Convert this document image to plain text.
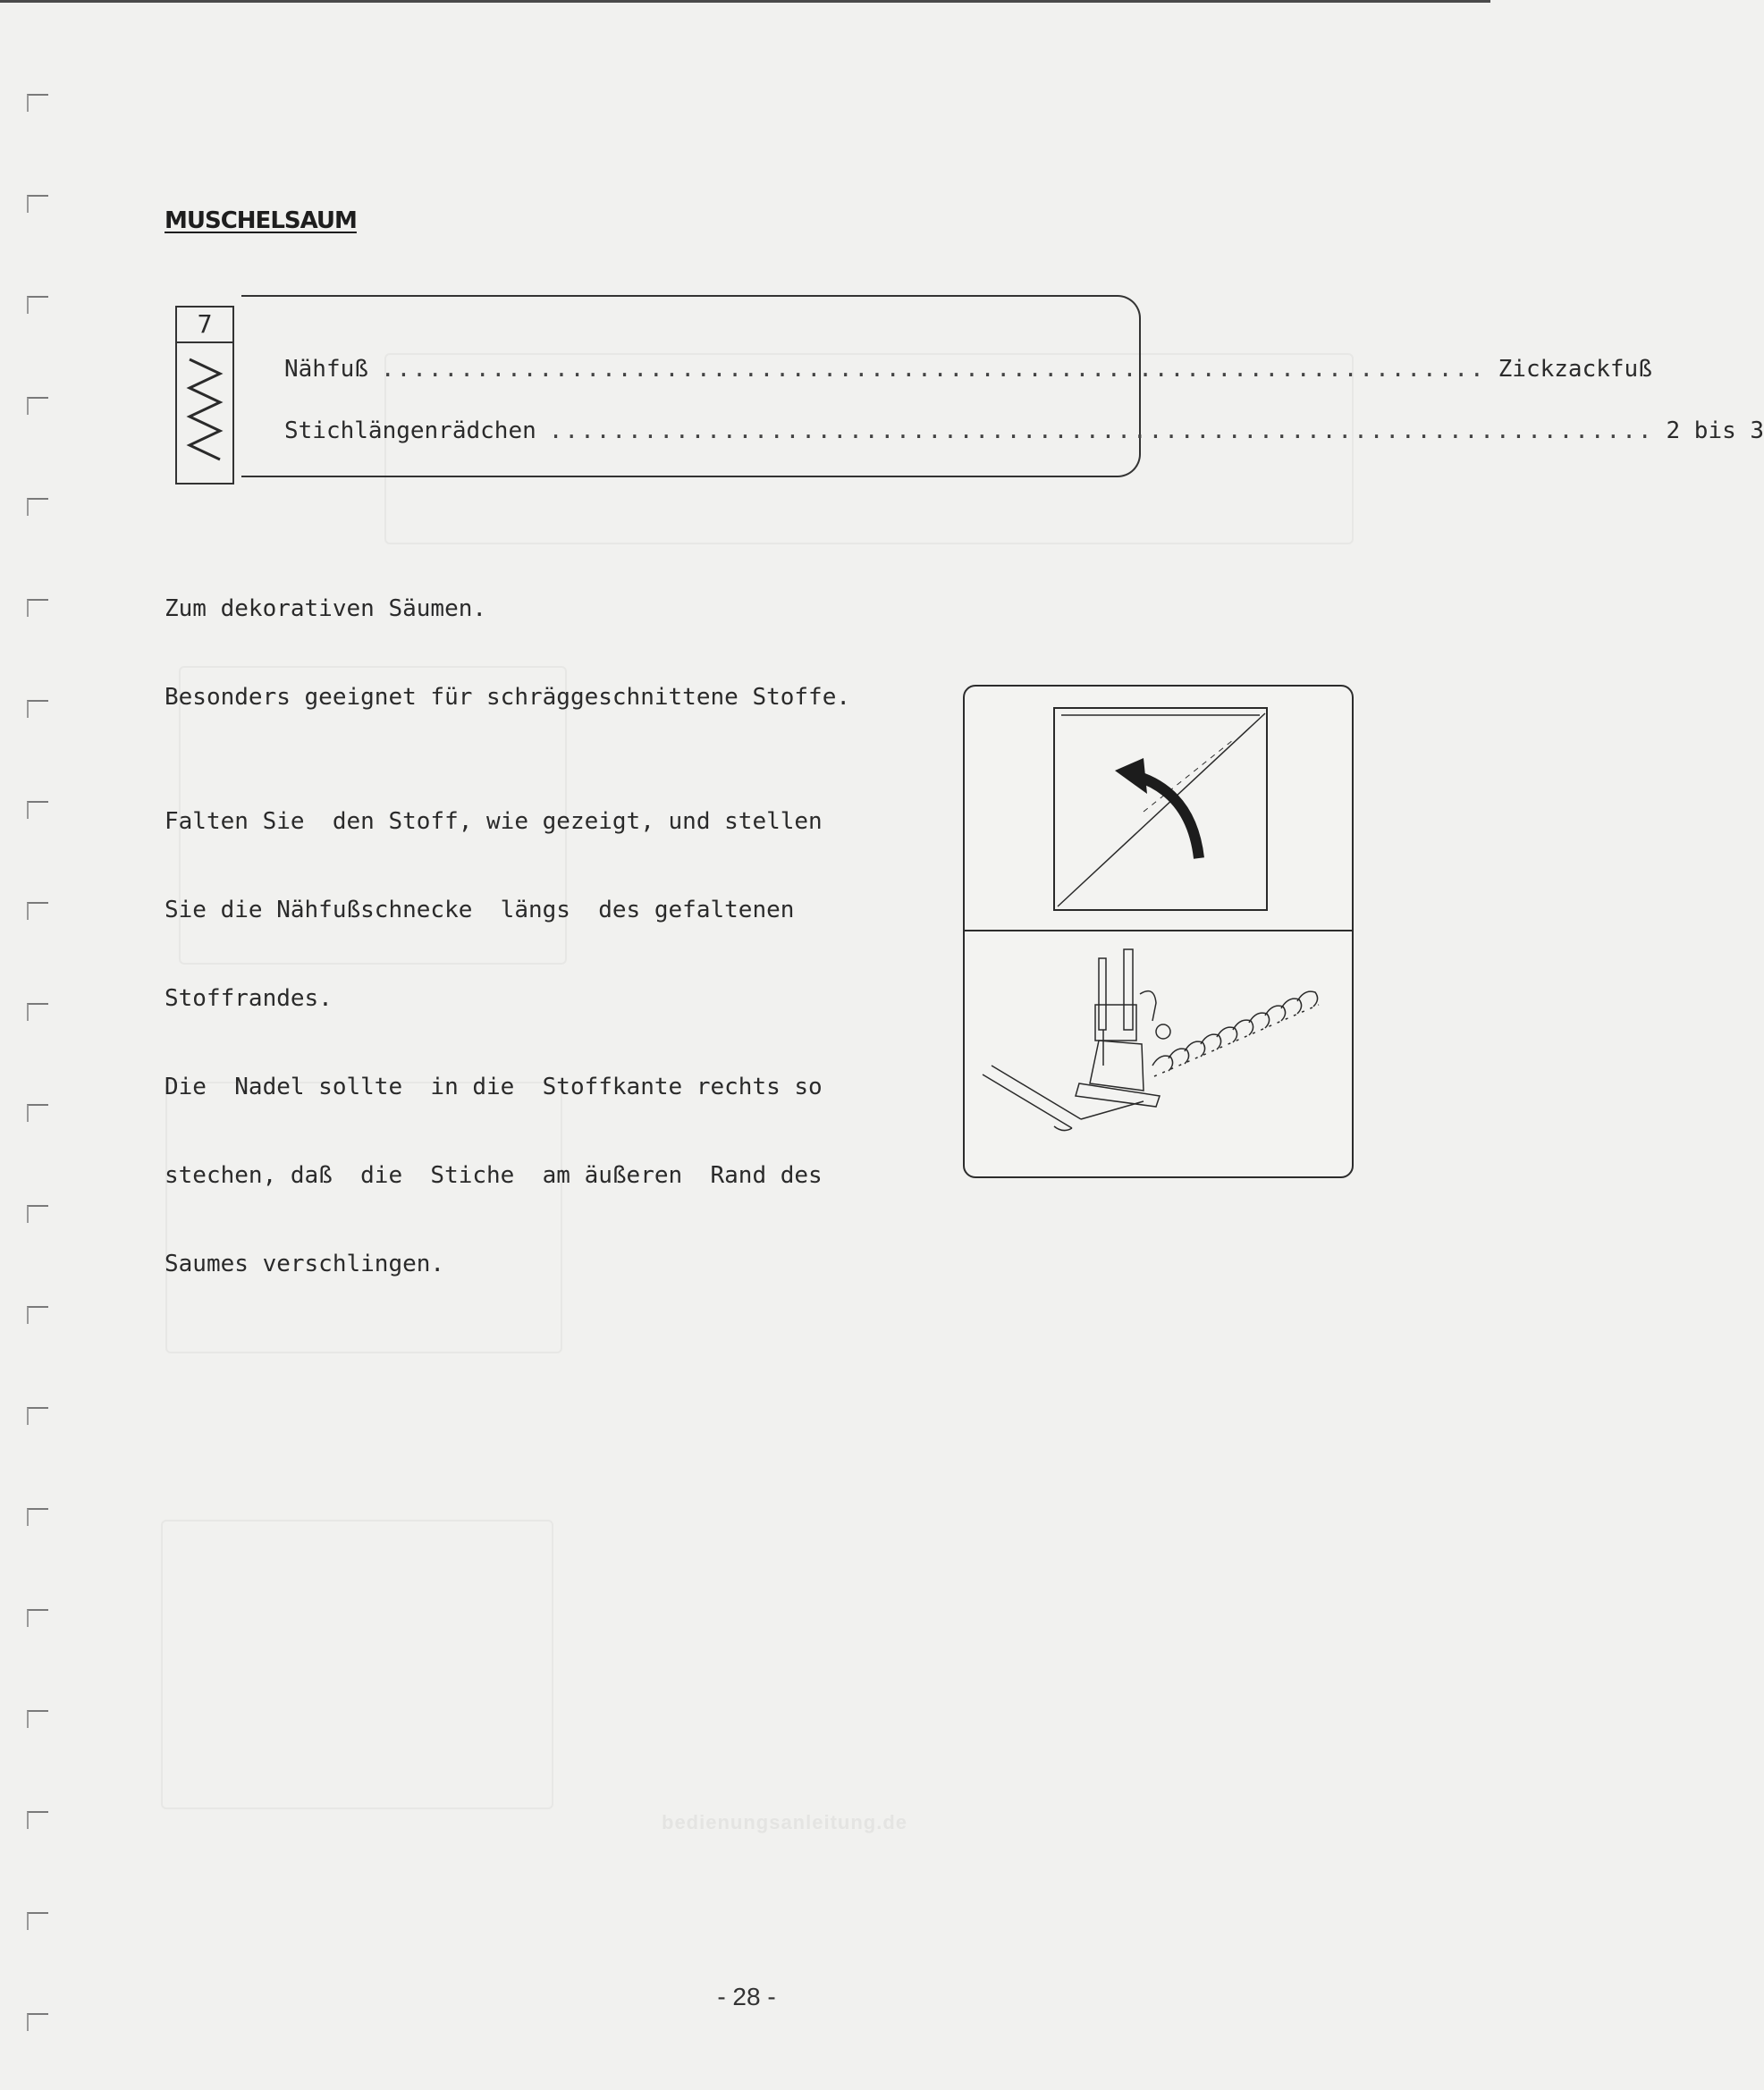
MUSCHELSAUM
7
Nähfuß ...................................................................... Zickzackfuß
Stichlängenrädchen ...................................................................... 2 bis 3

Zum dekorativen Säumen.

Besonders geeignet für schräggeschnittene Stoffe.

Falten Sie  den Stoff, wie gezeigt, und stellen

Sie die Nähfußschnecke  längs  des gefaltenen

Stoffrandes.

Die  Nadel sollte  in die  Stoffkante rechts so

stechen, daß  die  Stiche  am äußeren  Rand des

Saumes verschlingen.

bedienungsanleitung.de
- 28 -
